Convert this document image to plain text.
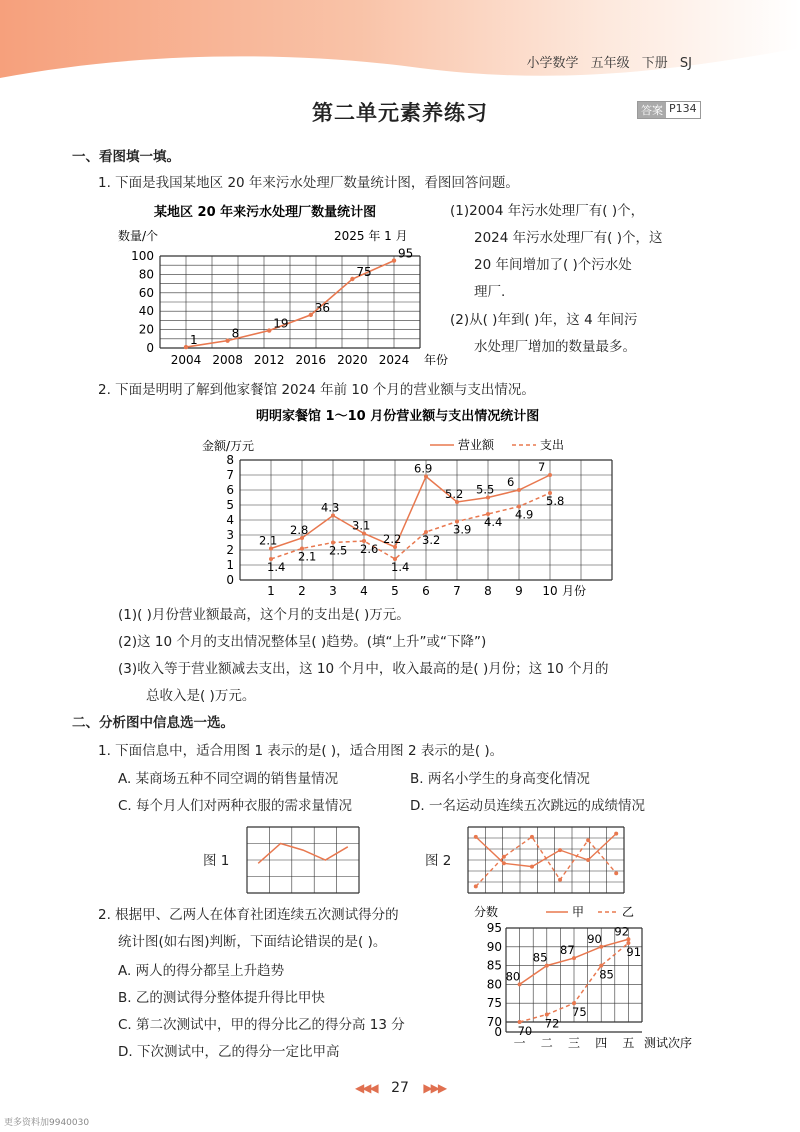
小学数学 五年级 下册 SJ
第二单元素养练习	答案 P134
一、看图填一填。
1. 下面是我国某地区 20 年来污水处理厂数量统计图，看图回答问题。
某地区 20 年来污水处理厂数量统计图
数量/个	2025 年 1 月
0
20
40
60
80
100
2004 2008 2012 2016 2020 2024 年份
1	8
19
36
75
95
(1)2004 年污水处理厂有( )个，
2024 年污水处理厂有( )个，这
20 年间增加了( )个污水处
理厂.
(2)从( )年到( )年，这 4 年间污
水处理厂增加的数量最多。
2. 下面是明明了解到他家餐馆 2024 年前 10 个月的营业额与支出情况。
明明家餐馆 1～10 月份营业额与支出情况统计图
金额/万元	营业额	支出
0
1
2
3
4
5
6
7
8
1 2 3 4 5 6 7 8 9 10 月份
2.1
2.8
4.3
3.1
2.2
6.9
5.2 5.5
6
7
1.4
2.1 2.5 2.6
1.4
3.2
3.9
4.4
4.9
5.8
(1)( )月份营业额最高，这个月的支出是( )万元。
(2)这 10 个月的支出情况整体呈( )趋势。(填“上升”或“下降”)
(3)收入等于营业额减去支出，这 10 个月中，收入最高的是( )月份；这 10 个月的
总收入是( )万元。
二、分析图中信息选一选。
1. 下面信息中，适合用图 1 表示的是( )，适合用图 2 表示的是( )。
A. 某商场五种不同空调的销售量情况	B. 两名小学生的身高变化情况
C. 每个月人们对两种衣服的需求量情况	D. 一名运动员连续五次跳远的成绩情况
图 1	图 2
2. 根据甲、乙两人在体育社团连续五次测试得分的
统计图(如右图)判断，下面结论错误的是( )。
A. 两人的得分都呈上升趋势
B. 乙的测试得分整体提升得比甲快
C. 第二次测试中，甲的得分比乙的得分高 13 分
D. 下次测试中，乙的得分一定比甲高
分数	甲	乙
0
70
75
80
85
90
95
一 二 三 四 五 测试次序
80
85
87
90
92
70
72
75
85
91
◀◀◀ 27 ▶▶▶
更多资料加9940030
